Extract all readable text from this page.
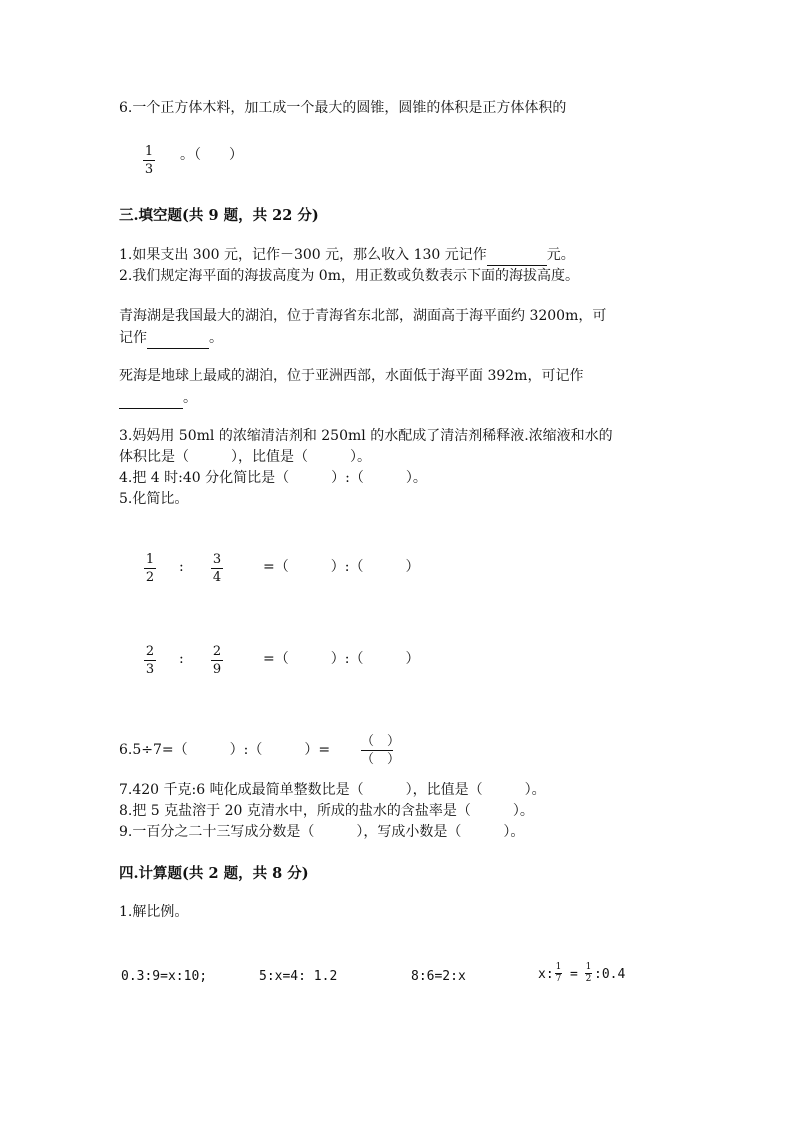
6.一个正方体木料，加工成一个最大的圆锥，圆锥的体积是正方体体积的
1
3
。（　　）
三.填空题(共 9 题，共 22 分)
1.如果支出 300 元，记作－300 元，那么收入 130 元记作	元。
2.我们规定海平面的海拔高度为 0m，用正数或负数表示下面的海拔高度。
青海湖是我国最大的湖泊，位于青海省东北部，湖面高于海平面约 3200m，可
记作	。
死海是地球上最咸的湖泊，位于亚洲西部，水面低于海平面 392m，可记作
。
3.妈妈用 50ml 的浓缩清洁剂和 250ml 的水配成了清洁剂稀释液.浓缩液和水的
体积比是（　　　），比值是（　　　）。
4.把 4 时:40 分化简比是（　　　）:（　　　）。
5.化简比。
1
2
: 3
4
=（　　　）:（　　　）
2
3
: 2
9
=（　　　）:（　　　）
6.5÷7=（　　　）:（　　　）=
（　）
（　）
7.420 千克:6 吨化成最简单整数比是（　　　），比值是（　　　）。
8.把 5 克盐溶于 20 克清水中，所成的盐水的含盐率是（　　　）。
9.一百分之二十三写成分数是（　　　），写成小数是（　　　）。
四.计算题(共 2 题，共 8 分)
1.解比例。
0.3:9=x:10;	5:x=4: 1.2	8:6=2:x	x: 1
7 = 1
2 :0.4
